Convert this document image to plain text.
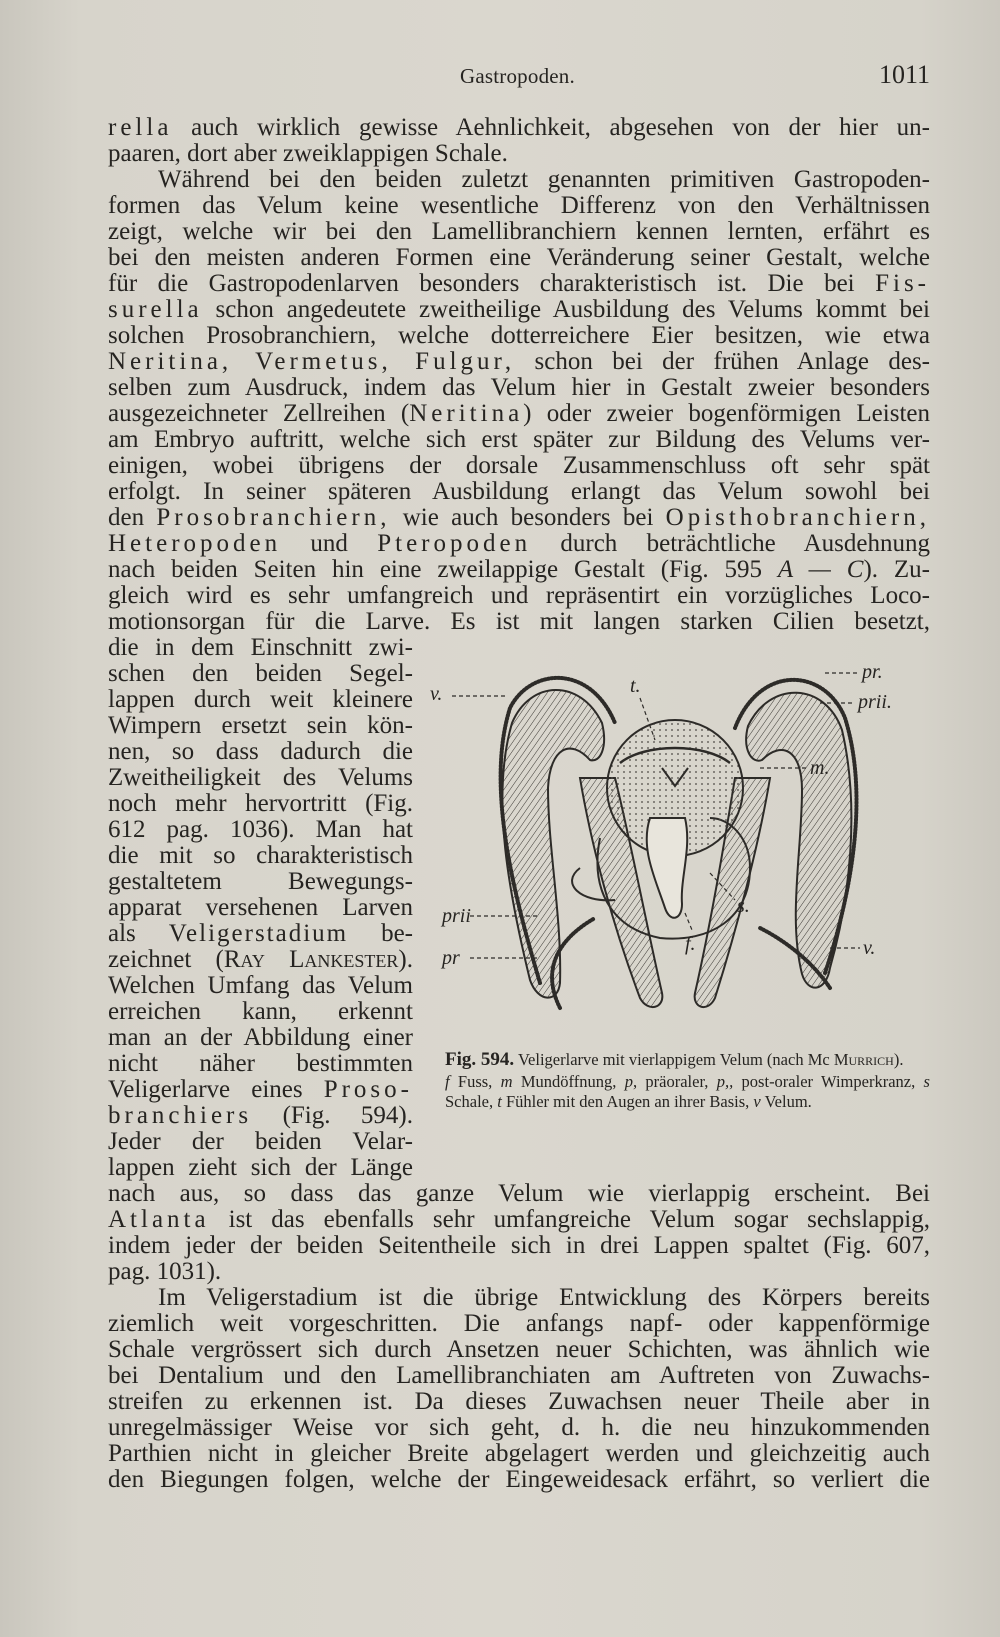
Gastropoden.	1011

rella auch wirklich gewisse Aehnlichkeit, abgesehen von der hier un-

paaren, dort aber zweiklappigen Schale.

Während bei den beiden zuletzt genannten primitiven Gastropoden-

formen das Velum keine wesentliche Differenz von den Verhältnissen

zeigt, welche wir bei den Lamellibranchiern kennen lernten, erfährt es

bei den meisten anderen Formen eine Veränderung seiner Gestalt, welche

für die Gastropodenlarven besonders charakteristisch ist. Die bei Fis-

surella schon angedeutete zweitheilige Ausbildung des Velums kommt bei

solchen Prosobranchiern, welche dotterreichere Eier besitzen, wie etwa

Neritina, Vermetus, Fulgur, schon bei der frühen Anlage des-

selben zum Ausdruck, indem das Velum hier in Gestalt zweier besonders

ausgezeichneter Zellreihen (Neritina) oder zweier bogenförmigen Leisten

am Embryo auftritt, welche sich erst später zur Bildung des Velums ver-

einigen, wobei übrigens der dorsale Zusammenschluss oft sehr spät

erfolgt. In seiner späteren Ausbildung erlangt das Velum sowohl bei

den Prosobranchiern, wie auch besonders bei Opisthobranchiern,

Heteropoden und Pteropoden durch beträchtliche Ausdehnung

nach beiden Seiten hin eine zweilappige Gestalt (Fig. 595 A — C). Zu-

gleich wird es sehr umfangreich und repräsentirt ein vorzügliches Loco-

motionsorgan für die Larve. Es ist mit langen starken Cilien besetzt,

die in dem Einschnitt zwi-

schen den beiden Segel-

lappen durch weit kleinere

Wimpern ersetzt sein kön-

nen, so dass dadurch die

Zweitheiligkeit des Velums

noch mehr hervortritt (Fig.

612 pag. 1036). Man hat

die mit so charakteristisch

gestaltetem Bewegungs-

apparat versehenen Larven

als Veligerstadium be-

zeichnet (Ray Lankester).

Welchen Umfang das Velum

erreichen kann, erkennt

man an der Abbildung einer

nicht näher bestimmten

Veligerlarve eines Proso-

branchiers (Fig. 594).

Jeder der beiden Velar-

lappen zieht sich der Länge

v.	t.
pr.
prii.
m.
s.
f.
prii
pr	v.

Fig. 594. Veligerlarve mit vierlappigem Velum (nach Mc Murrich).

f Fuss, m Mundöffnung, p, präoraler, p,, post-oraler Wimperkranz, s Schale, t Fühler mit den Augen an ihrer Basis, v Velum.

nach aus, so dass das ganze Velum wie vierlappig erscheint. Bei

Atlanta ist das ebenfalls sehr umfangreiche Velum sogar sechslappig,

indem jeder der beiden Seitentheile sich in drei Lappen spaltet (Fig. 607,

pag. 1031).

Im Veligerstadium ist die übrige Entwicklung des Körpers bereits

ziemlich weit vorgeschritten. Die anfangs napf- oder kappenförmige

Schale vergrössert sich durch Ansetzen neuer Schichten, was ähnlich wie

bei Dentalium und den Lamellibranchiaten am Auftreten von Zuwachs-

streifen zu erkennen ist. Da dieses Zuwachsen neuer Theile aber in

unregelmässiger Weise vor sich geht, d. h. die neu hinzukommenden

Parthien nicht in gleicher Breite abgelagert werden und gleichzeitig auch

den Biegungen folgen, welche der Eingeweidesack erfährt, so verliert die
